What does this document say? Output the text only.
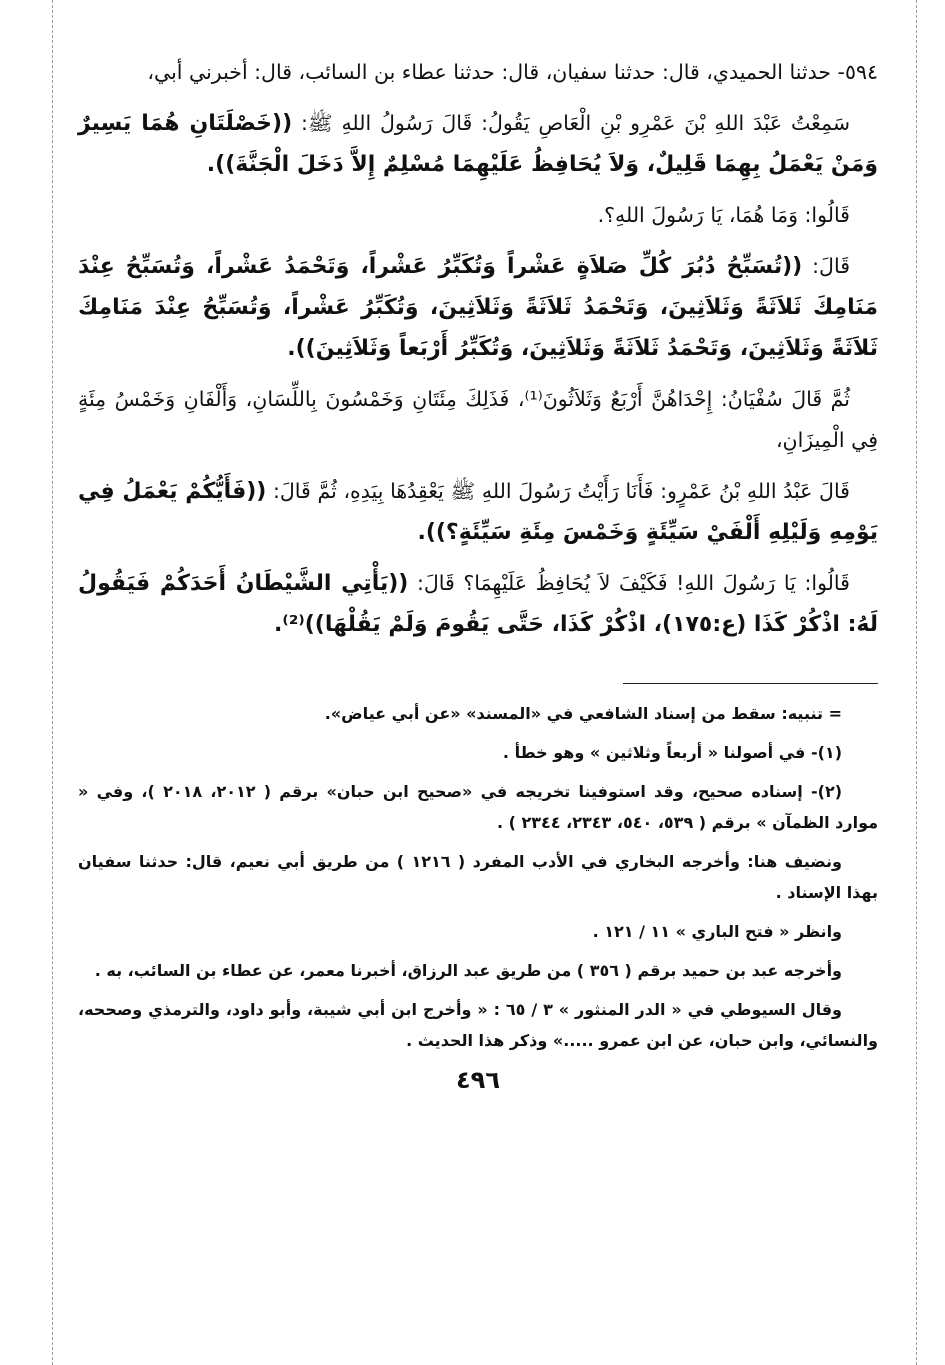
٥٩٤- حدثنا الحميدي، قال: حدثنا سفيان، قال: حدثنا عطاء بن السائب، قال: أخبرني أبي،

سَمِعْتُ عَبْدَ اللهِ بْنَ عَمْرِو بْنِ الْعَاصِ يَقُولُ: قَالَ رَسُولُ اللهِ ﷺ: ((خَصْلَتَانِ هُمَا يَسِيرٌ وَمَنْ يَعْمَلُ بِهِمَا قَلِيلٌ، وَلاَ يُحَافِظُ عَلَيْهِمَا مُسْلِمٌ إِلاَّ دَخَلَ الْجَنَّةَ)).

قَالُوا: وَمَا هُمَا، يَا رَسُولَ اللهِ؟.

قَالَ: ((تُسَبِّحُ دُبُرَ كُلِّ صَلاَةٍ عَشْراً وَتُكَبِّرُ عَشْراً، وَتَحْمَدُ عَشْراً، وَتُسَبِّحُ عِنْدَ مَنَامِكَ ثَلاَثَةً وَثَلاَثِينَ، وَتَحْمَدُ ثَلاَثَةً وَثَلاَثِينَ، وَتُكَبِّرُ عَشْراً، وَتُسَبِّحُ عِنْدَ مَنَامِكَ ثَلاَثَةً وَثَلاَثِينَ، وَتَحْمَدُ ثَلاَثَةً وَثَلاَثِينَ، وَتُكَبِّرُ أَرْبَعاً وَثَلاَثِينَ)).

ثُمَّ قَالَ سُفْيَانُ: إِحْدَاهُنَّ أَرْبَعٌ وَثَلاَثُونَ⁽¹⁾، فَذَلِكَ مِئَتَانِ وَخَمْسُونَ بِاللِّسَانِ، وَأَلْفَانِ وَخَمْسُ مِئَةٍ فِي الْمِيزَانِ،

قَالَ عَبْدُ اللهِ بْنُ عَمْرٍو: فَأَنَا رَأَيْتُ رَسُولَ اللهِ ﷺ يَعْقِدُهَا بِيَدِهِ، ثُمَّ قَالَ: ((فَأَيُّكُمْ يَعْمَلُ فِي يَوْمِهِ وَلَيْلِهِ أَلْفَيْ سَيِّئَةٍ وَخَمْسَ مِئَةِ سَيِّئَةٍ؟)).

قَالُوا: يَا رَسُولَ اللهِ! فَكَيْفَ لاَ يُحَافِظُ عَلَيْهِمَا؟ قَالَ: ((يَأْتِي الشَّيْطَانُ أَحَدَكُمْ فَيَقُولُ لَهُ: اذْكُرْ كَذَا (ع:١٧٥)، اذْكُرْ كَذَا، حَتَّى يَقُومَ وَلَمْ يَقُلْهَا))⁽²⁾.

= تنبيه: سقط من إسناد الشافعي في «المسند» «عن أبي عياض».

(١)- في أصولنا « أربعاً وثلاثين » وهو خطأ .

(٢)- إسناده صحيح، وقد استوفينا تخريجه في «صحيح ابن حبان» برقم ( ٢٠١٢، ٢٠١٨ )، وفي « موارد الظمآن » برقم ( ٥٣٩، ٥٤٠، ٢٣٤٣، ٢٣٤٤ ) .

ونضيف هنا: وأخرجه البخاري في الأدب المفرد ( ١٢١٦ ) من طريق أبي نعيم، قال: حدثنا سفيان بهذا الإسناد .

وانظر « فتح الباري » ١١ / ١٢١ .

وأخرجه عبد بن حميد برقم ( ٣٥٦ ) من طريق عبد الرزاق، أخبرنا معمر، عن عطاء بن السائب، به .

وقال السيوطي في « الدر المنثور » ٣ / ٦٥ : « وأخرج ابن أبي شيبة، وأبو داود، والترمذي وصححه، والنسائي، وابن حبان، عن ابن عمرو .....» وذكر هذا الحديث .

٤٩٦
